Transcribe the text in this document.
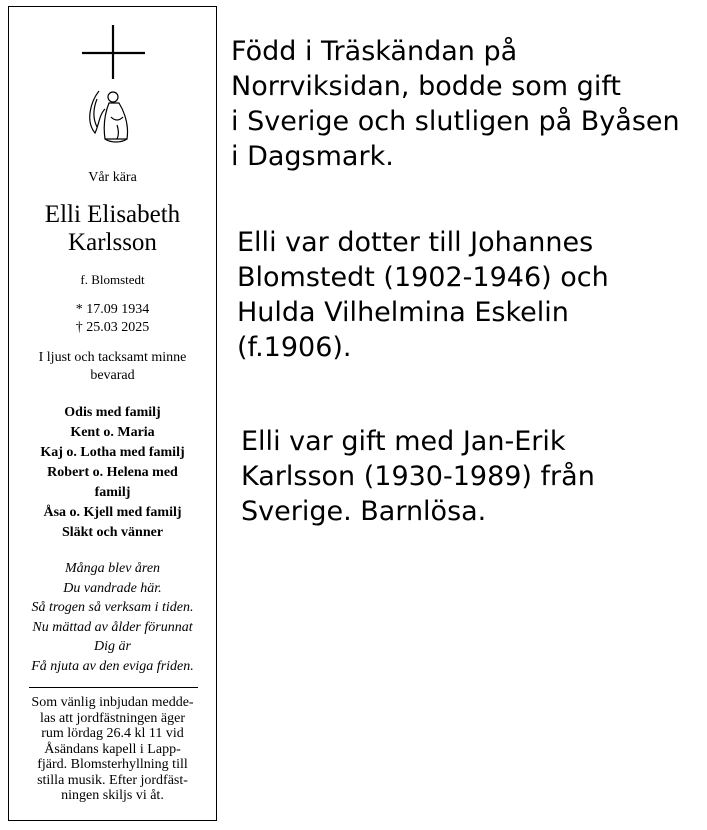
Vår kära
Elli Elisabeth
Karlsson
f. Blomstedt
* 17.09 1934
† 25.03 2025
I ljust och tacksamt minne
bevarad
Odis med familj
Kent o. Maria
Kaj o. Lotha med familj
Robert o. Helena med
familj
Åsa o. Kjell med familj
Släkt och vänner
Många blev åren
Du vandrade här.
Så trogen så verksam i tiden.
Nu mättad av ålder förunnat
Dig är
Få njuta av den eviga friden.
Som vänlig inbjudan medde-
las att jordfästningen äger
rum lördag 26.4 kl 11 vid
Åsändans kapell i Lapp-
fjärd. Blomsterhyllning till
stilla musik. Efter jordfäst-
ningen skiljs vi åt.
Född i Träskändan på
Norrviksidan, bodde som gift
i Sverige och slutligen på Byåsen
i Dagsmark.
Elli var dotter till Johannes
Blomstedt (1902-1946) och
Hulda Vilhelmina Eskelin
(f.1906).
Elli var gift med Jan-Erik
Karlsson (1930-1989) från
Sverige. Barnlösa.
